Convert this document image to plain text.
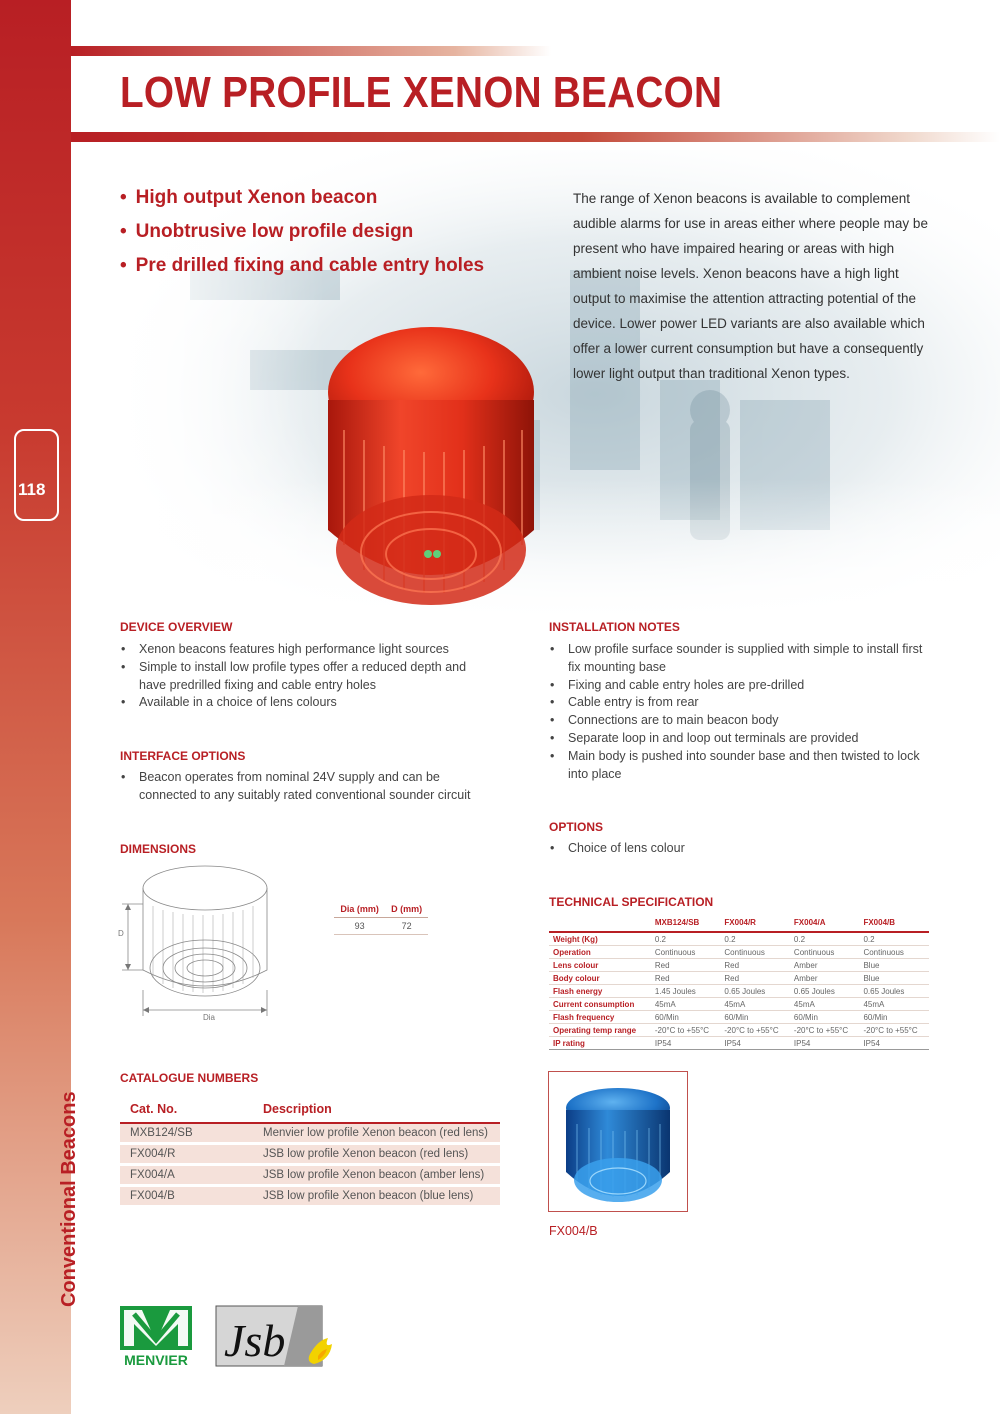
118
Conventional Beacons
LOW PROFILE XENON BEACON
• High output Xenon beacon
• Unobtrusive low profile design
• Pre drilled fixing and cable entry holes

The range of Xenon beacons is available to complement audible alarms for use in areas either where people may be present who have impaired hearing or areas with high ambient noise levels. Xenon beacons have a high light output to maximise the attention attracting potential of the device. Lower power LED variants are also available which offer a lower current consumption but have a consequently lower light output than traditional Xenon types.

DEVICE OVERVIEW
• Xenon beacons features high performance light sources
• Simple to install low profile types offer a reduced depth and have predrilled fixing and cable entry holes
• Available in a choice of lens colours
INTERFACE OPTIONS
• Beacon operates from nominal 24V supply and can be connected to any suitably rated conventional sounder circuit
INSTALLATION NOTES
• Low profile surface sounder is supplied with simple to install first fix mounting base
• Fixing and cable entry holes are pre-drilled
• Cable entry is from rear
• Connections are to main beacon body
• Separate loop in and loop out terminals are provided
• Main body is pushed into sounder base and then twisted to lock into place
OPTIONS
• Choice of lens colour
DIMENSIONS
D
Dia
Dia (mm)	D (mm)
93	72
TECHNICAL SPECIFICATION
	MXB124/SB	FX004/R	FX004/A	FX004/B
Weight (Kg)	0.2	0.2	0.2	0.2
Operation	Continuous	Continuous	Continuous	Continuous
Lens colour	Red	Red	Amber	Blue
Body colour	Red	Red	Amber	Blue
Flash energy	1.45 Joules	0.65 Joules	0.65 Joules	0.65 Joules
Current consumption	45mA	45mA	45mA	45mA
Flash frequency	60/Min	60/Min	60/Min	60/Min
Operating temp range	-20°C to +55°C	-20°C to +55°C	-20°C to +55°C	-20°C to +55°C
IP rating	IP54	IP54	IP54	IP54
CATALOGUE NUMBERS
Cat. No.	Description
MXB124/SB	Menvier low profile Xenon beacon (red lens)
FX004/R	JSB low profile Xenon beacon (red lens)
FX004/A	JSB low profile Xenon beacon (amber lens)
FX004/B	JSB low profile Xenon beacon (blue lens)

FX004/B

MENVIER Jsb
